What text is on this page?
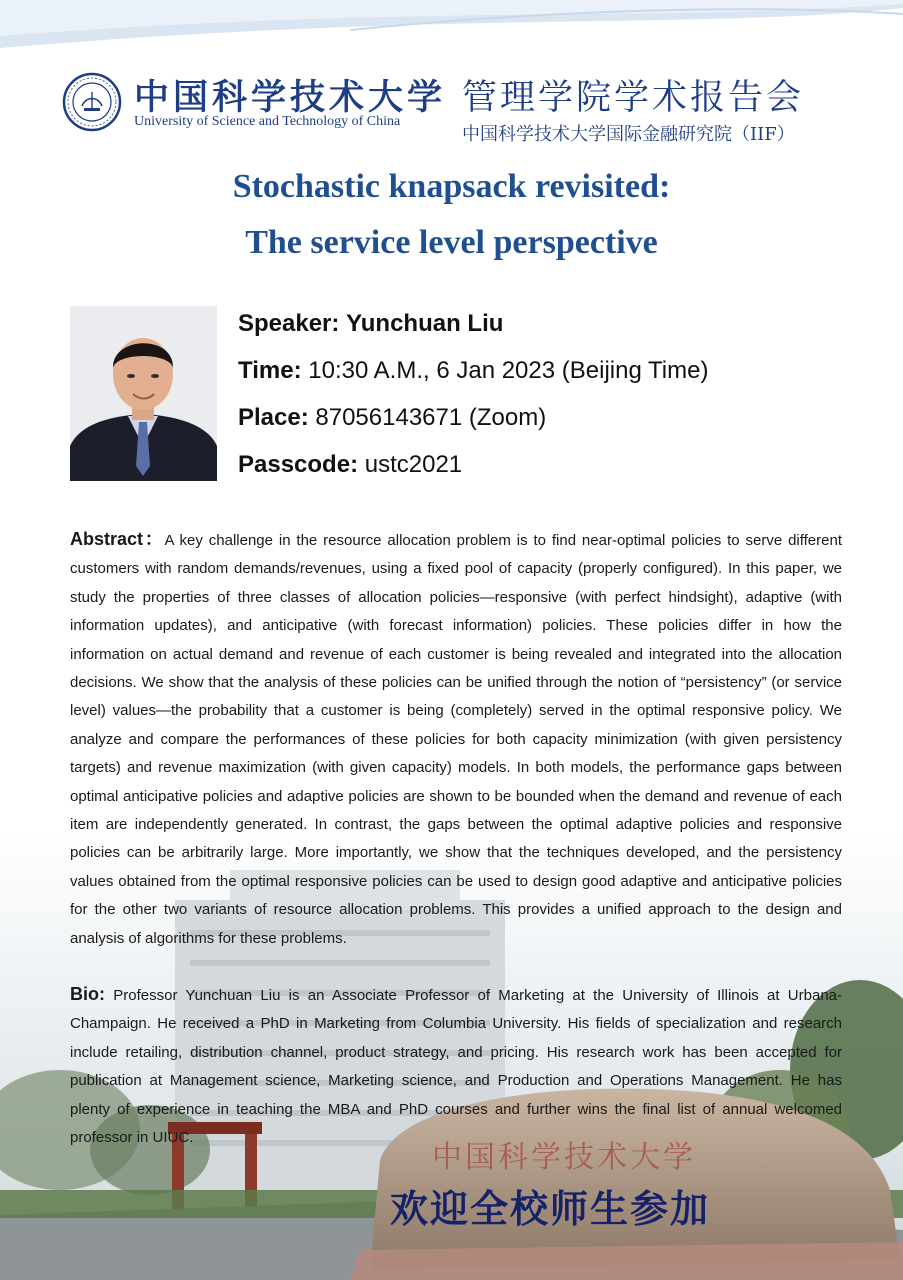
中国科学技术大学
University of Science and Technology of China
管理学院学术报告会
中国科学技术大学国际金融研究院（IIF）
Stochastic knapsack revisited:
The service level perspective
Speaker: Yunchuan Liu
Time: 10:30 A.M., 6 Jan 2023 (Beijing Time)
Place: 87056143671 (Zoom)
Passcode: ustc2021
Abstract：A key challenge in the resource allocation problem is to find near-optimal policies to serve different customers with random demands/revenues, using a fixed pool of capacity (properly configured). In this paper, we study the properties of three classes of allocation policies—responsive (with perfect hindsight), adaptive (with information updates), and anticipative (with forecast information) policies. These policies differ in how the information on actual demand and revenue of each customer is being revealed and integrated into the allocation decisions. We show that the analysis of these policies can be unified through the notion of “persistency” (or service level) values—the probability that a customer is being (completely) served in the optimal responsive policy. We analyze and compare the performances of these policies for both capacity minimization (with given persistency targets) and revenue maximization (with given capacity) models. In both models, the performance gaps between optimal anticipative policies and adaptive policies are shown to be bounded when the demand and revenue of each item are independently generated. In contrast, the gaps between the optimal adaptive policies and responsive policies can be arbitrarily large. More importantly, we show that the techniques developed, and the persistency values obtained from the optimal responsive policies can be used to design good adaptive and anticipative policies for the other two variants of resource allocation problems. This provides a unified approach to the design and analysis of algorithms for these problems.
Bio: Professor Yunchuan Liu is an Associate Professor of Marketing at the University of Illinois at Urbana-Champaign. He received a PhD in Marketing from Columbia University. His fields of specialization and research include retailing, distribution channel, product strategy, and pricing. His research work has been accepted for publication at Management science, Marketing science, and Production and Operations Management. He has plenty of experience in teaching the MBA and PhD courses and further wins the final list of annual welcomed professor in UIUC.
中国科学技术大学
欢迎全校师生参加
